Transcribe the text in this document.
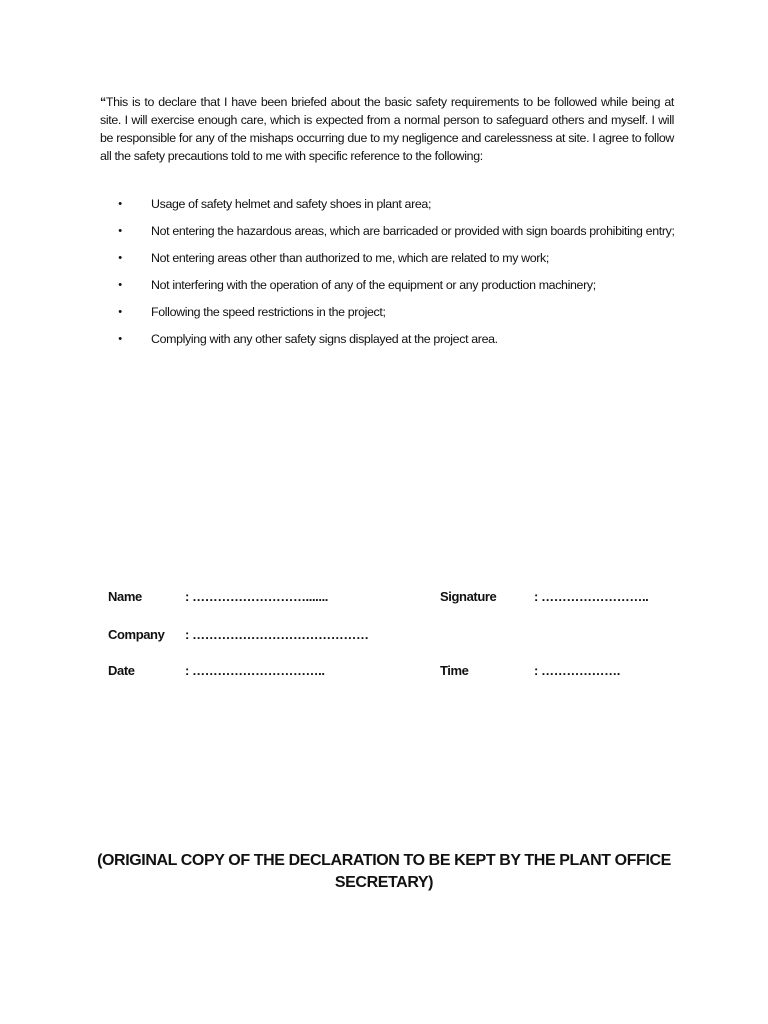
“This is to declare that I have been briefed about the basic safety requirements to be followed while being at site. I will exercise enough care, which is expected from a normal person to safeguard others and myself. I will be responsible for any of the mishaps occurring due to my negligence and carelessness at site. I agree to follow all the safety precautions told to me with specific reference to the following:

•	Usage of safety helmet and safety shoes in plant area;
•	Not entering the hazardous areas, which are barricaded or provided with sign boards prohibiting entry;
•	Not entering areas other than authorized to me, which are related to my work;
•	Not interfering with the operation of any of the equipment or any production machinery;
•	Following the speed restrictions in the project;
•	Complying with any other safety signs displayed at the project area.
Name	: ……………………….......	Signature	: ……………………..
Company : ……………………………………
Date	: …………………………..	Time	: ……………….
(ORIGINAL COPY OF THE DECLARATION TO BE KEPT BY THE PLANT OFFICE
SECRETARY)
